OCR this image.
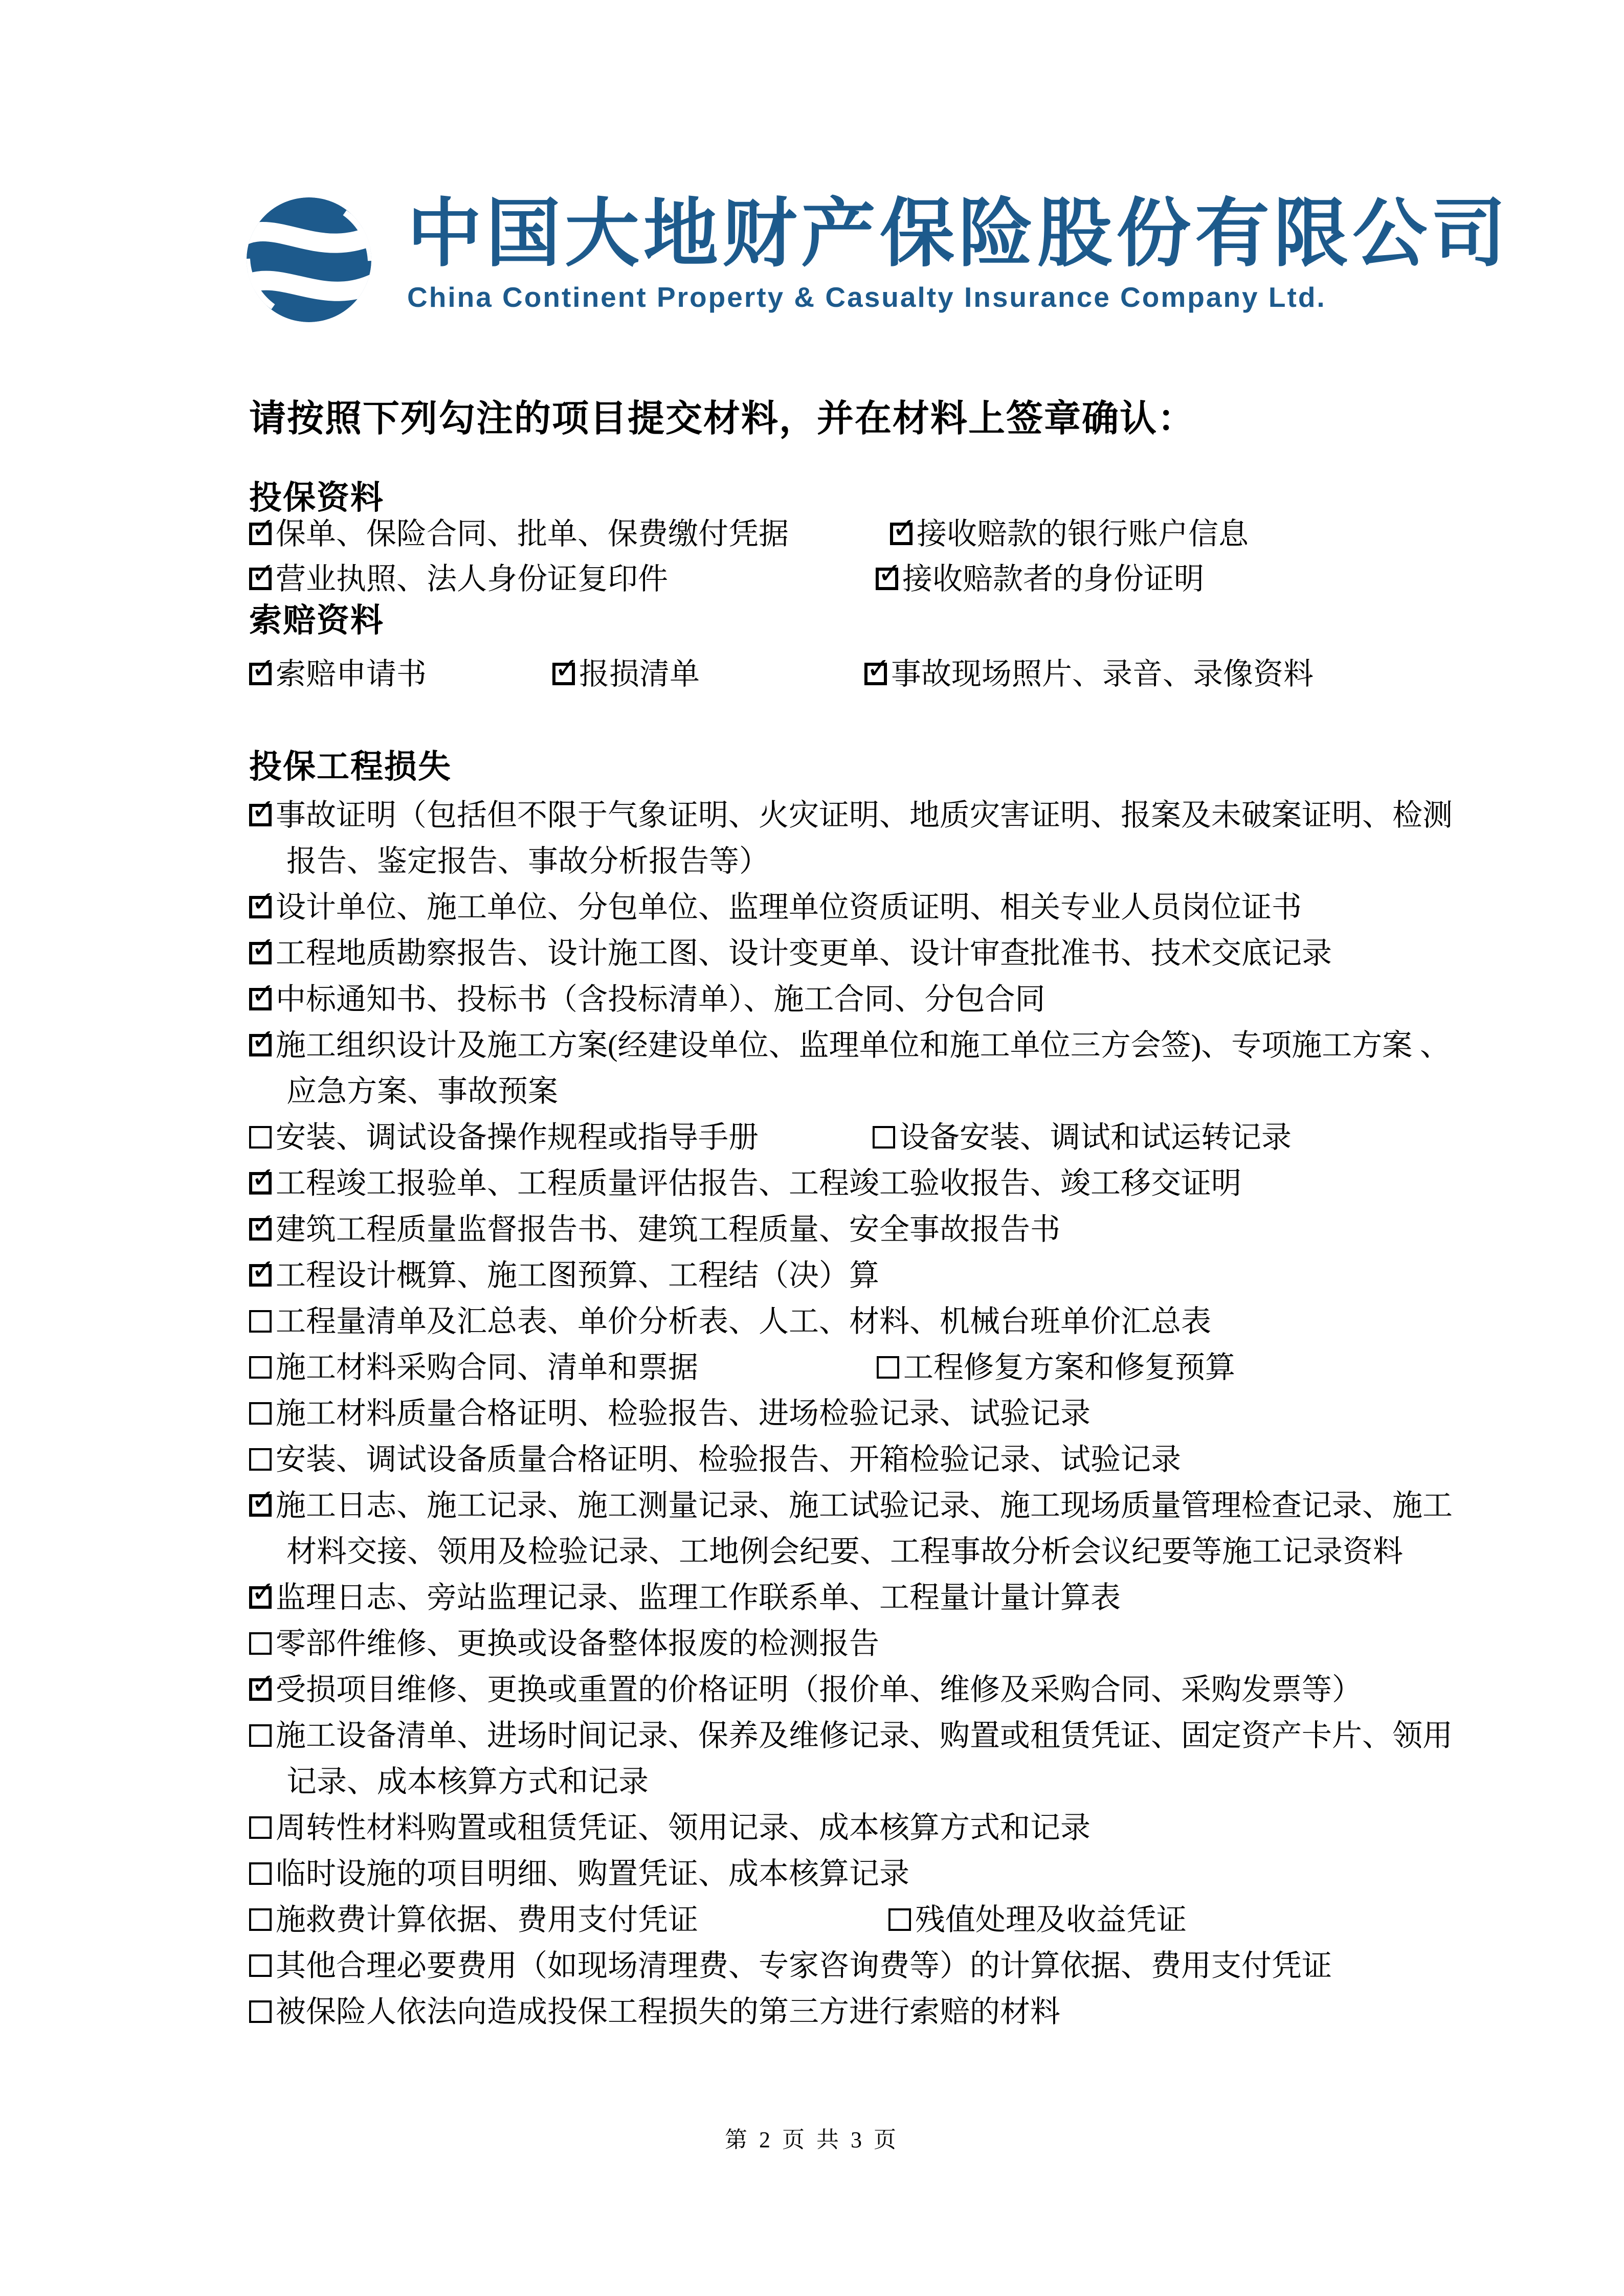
中国大地财产保险股份有限公司
China Continent Property & Casualty Insurance Company Ltd.
请按照下列勾注的项目提交材料，并在材料上签章确认：
投保资料
✓ 保单、保险合同、批单、保费缴付凭据	✓ 接收赔款的银行账户信息
✓ 营业执照、法人身份证复印件	✓ 接收赔款者的身份证明
索赔资料
✓ 索赔申请书	✓ 报损清单	✓ 事故现场照片、录音、录像资料
投保工程损失
✓ 事故证明（包括但不限于气象证明、火灾证明、地质灾害证明、报案及未破案证明、检测
报告、鉴定报告、事故分析报告等）
✓ 设计单位、施工单位、分包单位、监理单位资质证明、相关专业人员岗位证书
✓ 工程地质勘察报告、设计施工图、设计变更单、设计审查批准书、技术交底记录
✓ 中标通知书、投标书（含投标清单）、施工合同、分包合同
✓ 施工组织设计及施工方案(经建设单位、监理单位和施工单位三方会签)、专项施工方案 、
应急方案、事故预案
安装、调试设备操作规程或指导手册	设备安装、调试和试运转记录
✓ 工程竣工报验单、工程质量评估报告、工程竣工验收报告、竣工移交证明
✓ 建筑工程质量监督报告书、建筑工程质量、安全事故报告书
✓ 工程设计概算、施工图预算、工程结（决）算
工程量清单及汇总表、单价分析表、人工、材料、机械台班单价汇总表
施工材料采购合同、清单和票据	工程修复方案和修复预算
施工材料质量合格证明、检验报告、进场检验记录、试验记录
安装、调试设备质量合格证明、检验报告、开箱检验记录、试验记录
✓ 施工日志、施工记录、施工测量记录、施工试验记录、施工现场质量管理检查记录、施工
材料交接、领用及检验记录、工地例会纪要、工程事故分析会议纪要等施工记录资料
✓ 监理日志、旁站监理记录、监理工作联系单、工程量计量计算表
零部件维修、更换或设备整体报废的检测报告
✓ 受损项目维修、更换或重置的价格证明（报价单、维修及采购合同、采购发票等）
施工设备清单、进场时间记录、保养及维修记录、购置或租赁凭证、固定资产卡片、领用
记录、成本核算方式和记录
周转性材料购置或租赁凭证、领用记录、成本核算方式和记录
临时设施的项目明细、购置凭证、成本核算记录
施救费计算依据、费用支付凭证	残值处理及收益凭证
其他合理必要费用（如现场清理费、专家咨询费等）的计算依据、费用支付凭证
被保险人依法向造成投保工程损失的第三方进行索赔的材料
第 2 页 共 3 页
